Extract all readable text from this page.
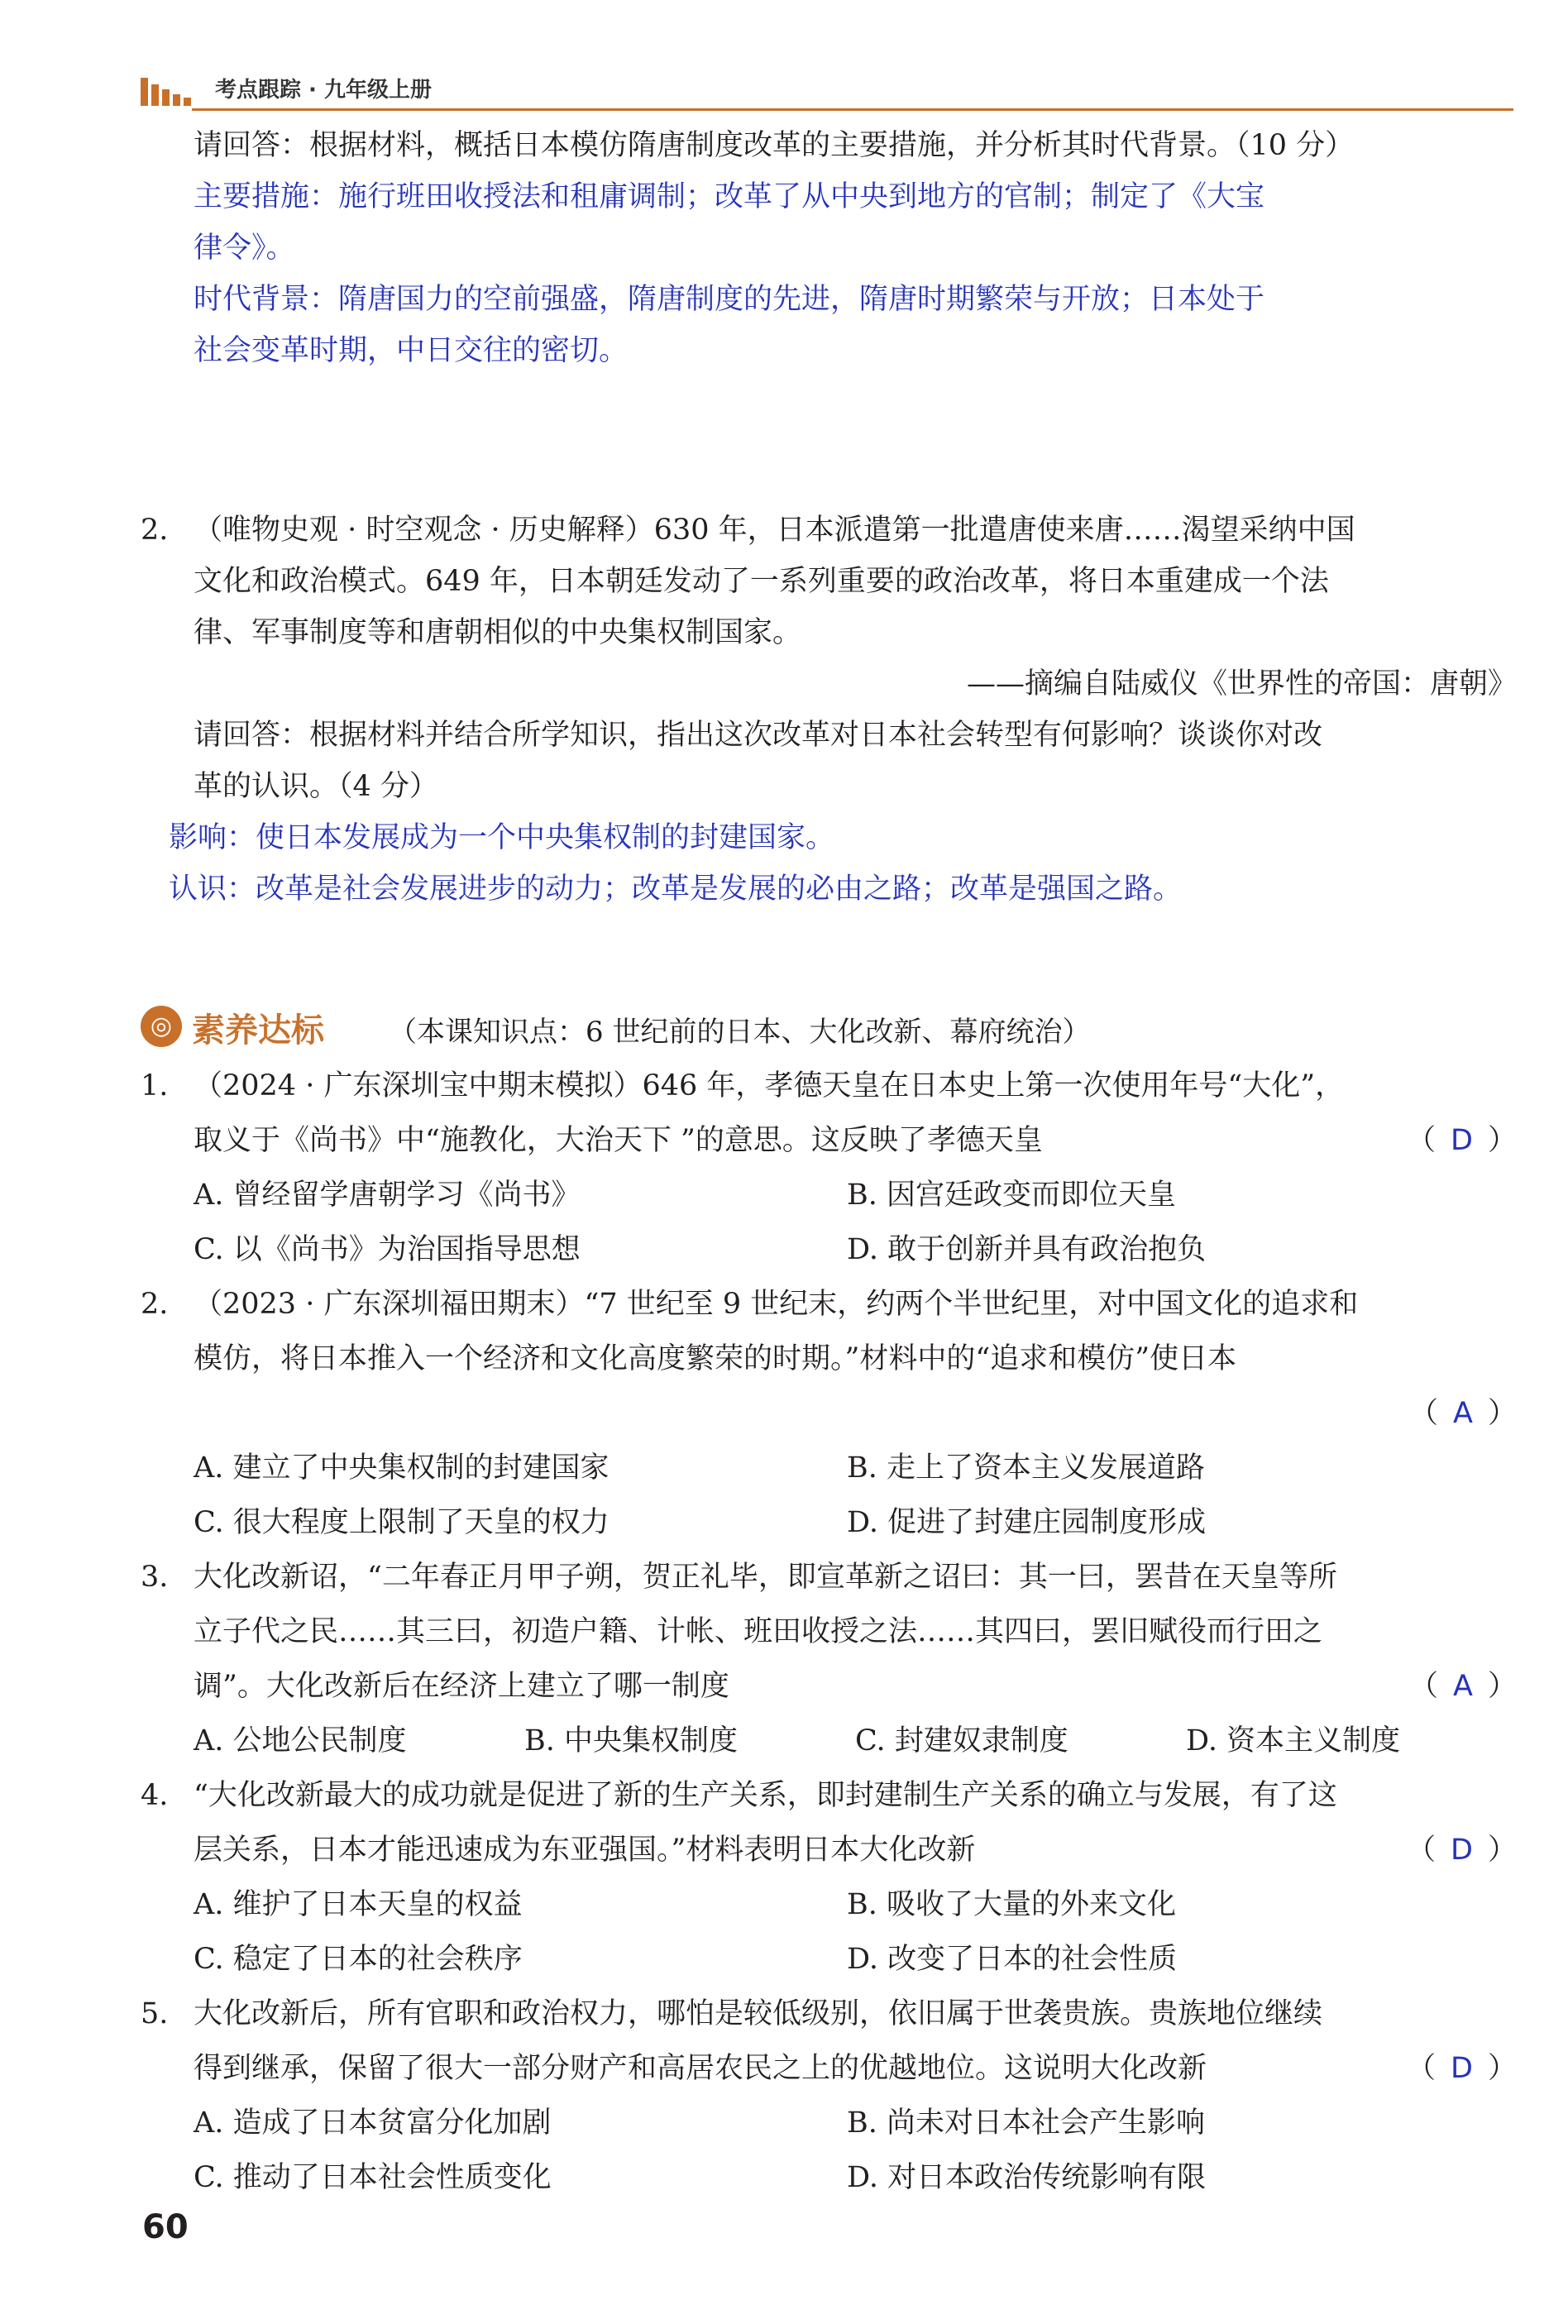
考点跟踪 · 九年级上册
请回答：根据材料，概括日本模仿隋唐制度改革的主要措施，并分析其时代背景。（10 分）
主要措施：施行班田收授法和租庸调制；改革了从中央到地方的官制；制定了《大宝
律令》。
时代背景：隋唐国力的空前强盛，隋唐制度的先进，隋唐时期繁荣与开放；日本处于
社会变革时期，中日交往的密切。
2. （唯物史观 · 时空观念 · 历史解释）630 年，日本派遣第一批遣唐使来唐……渴望采纳中国
文化和政治模式。649 年，日本朝廷发动了一系列重要的政治改革，将日本重建成一个法
律、军事制度等和唐朝相似的中央集权制国家。
——摘编自陆威仪《世界性的帝国：唐朝》
请回答：根据材料并结合所学知识，指出这次改革对日本社会转型有何影响？谈谈你对改
革的认识。（4 分）
影响：使日本发展成为一个中央集权制的封建国家。
认识：改革是社会发展进步的动力；改革是发展的必由之路；改革是强国之路。
◎ 素养达标 （本课知识点：6 世纪前的日本、大化改新、幕府统治）
1. （2024 · 广东深圳宝中期末模拟）646 年，孝德天皇在日本史上第一次使用年号“大化”，
取义于《尚书》中“施教化，大治天下 ”的意思。这反映了孝德天皇	（ D ）
A. 曾经留学唐朝学习《尚书》	B. 因宫廷政变而即位天皇
C. 以《尚书》为治国指导思想	D. 敢于创新并具有政治抱负
2. （2023 · 广东深圳福田期末）“7 世纪至 9 世纪末，约两个半世纪里，对中国文化的追求和
模仿，将日本推入一个经济和文化高度繁荣的时期。”材料中的“追求和模仿”使日本
（ A ）
A. 建立了中央集权制的封建国家	B. 走上了资本主义发展道路
C. 很大程度上限制了天皇的权力	D. 促进了封建庄园制度形成
3. 大化改新诏，“二年春正月甲子朔，贺正礼毕，即宣革新之诏曰：其一曰，罢昔在天皇等所
立子代之民……其三曰，初造户籍、计帐、班田收授之法……其四曰，罢旧赋役而行田之
调”。大化改新后在经济上建立了哪一制度	（ A ）
A. 公地公民制度	B. 中央集权制度	C. 封建奴隶制度	D. 资本主义制度
4. “大化改新最大的成功就是促进了新的生产关系，即封建制生产关系的确立与发展，有了这
层关系，日本才能迅速成为东亚强国。”材料表明日本大化改新	（ D ）
A. 维护了日本天皇的权益	B. 吸收了大量的外来文化
C. 稳定了日本的社会秩序	D. 改变了日本的社会性质
5. 大化改新后，所有官职和政治权力，哪怕是较低级别，依旧属于世袭贵族。贵族地位继续
得到继承，保留了很大一部分财产和高居农民之上的优越地位。这说明大化改新	（ D ）
A. 造成了日本贫富分化加剧	B. 尚未对日本社会产生影响
C. 推动了日本社会性质变化	D. 对日本政治传统影响有限
60
